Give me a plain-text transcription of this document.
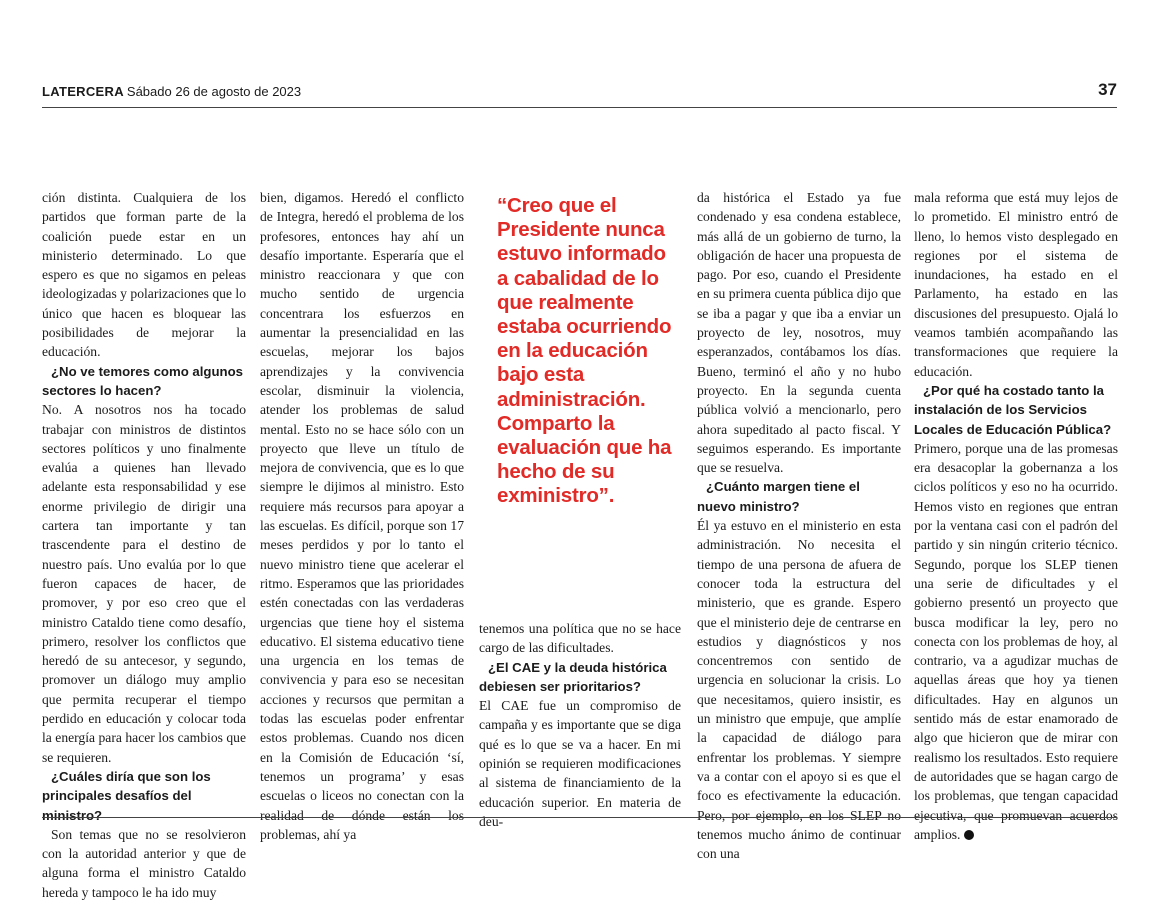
LATERCERA Sábado 26 de agosto de 2023	37

ción distinta. Cualquiera de los partidos que forman parte de la coalición puede estar en un ministerio determinado. Lo que espero es que no sigamos en peleas ideologizadas y polarizaciones que lo único que hacen es bloquear las posibilidades de mejorar la educación.

¿No ve temores como algunos sectores lo hacen?

No. A nosotros nos ha tocado trabajar con ministros de distintos sectores políticos y uno finalmente evalúa a quienes han llevado adelante esta responsabilidad y ese enorme privilegio de dirigir una cartera tan importante y tan trascendente para el destino de nuestro país. Uno evalúa por lo que fueron capaces de hacer, de promover, y por eso creo que el ministro Cataldo tiene como desafío, primero, resolver los conflictos que heredó de su antecesor, y segundo, promover un diálogo muy amplio que permita recuperar el tiempo perdido en educación y colocar toda la energía para hacer los cambios que se requieren.

¿Cuáles diría que son los principales desafíos del ministro?

Son temas que no se resolvieron con la autoridad anterior y que de alguna forma el ministro Cataldo hereda y tampoco le ha ido muy

bien, digamos. Heredó el conflicto de Integra, heredó el problema de los profesores, entonces hay ahí un desafío importante. Esperaría que el ministro reaccionara y que con mucho sentido de urgencia concentrara los esfuerzos en aumentar la presencialidad en las escuelas, mejorar los bajos aprendizajes y la convivencia escolar, disminuir la violencia, atender los problemas de salud mental. Esto no se hace sólo con un proyecto que lleve un título de mejora de convivencia, que es lo que siempre le dijimos al ministro. Esto requiere más recursos para apoyar a las escuelas. Es difícil, porque son 17 meses perdidos y por lo tanto el nuevo ministro tiene que acelerar el ritmo. Esperamos que las prioridades estén conectadas con las verdaderas urgencias que tiene hoy el sistema educativo. El sistema educativo tiene una urgencia en los temas de convivencia y para eso se necesitan acciones y recursos que permitan a todas las escuelas poder enfrentar estos problemas. Cuando nos dicen en la Comisión de Educación ‘sí, tenemos un programa’ y esas escuelas o liceos no conectan con la realidad de dónde están los problemas, ahí ya

“Creo que el Presidente nunca estuvo informado a cabalidad de lo que realmente estaba ocurriendo en la educación bajo esta administración. Comparto la evaluación que ha hecho de su exministro”.

tenemos una política que no se hace cargo de las dificultades.

¿El CAE y la deuda histórica debiesen ser prioritarios?

El CAE fue un compromiso de campaña y es importante que se diga qué es lo que se va a hacer. En mi opinión se requieren modificaciones al sistema de financiamiento de la educación superior. En materia de deu-

da histórica el Estado ya fue condenado y esa condena establece, más allá de un gobierno de turno, la obligación de hacer una propuesta de pago. Por eso, cuando el Presidente en su primera cuenta pública dijo que se iba a pagar y que iba a enviar un proyecto de ley, nosotros, muy esperanzados, contábamos los días. Bueno, terminó el año y no hubo proyecto. En la segunda cuenta pública volvió a mencionarlo, pero ahora supeditado al pacto fiscal. Y seguimos esperando. Es importante que se resuelva.

¿Cuánto margen tiene el nuevo ministro?

Él ya estuvo en el ministerio en esta administración. No necesita el tiempo de una persona de afuera de conocer toda la estructura del ministerio, que es grande. Espero que el ministerio deje de centrarse en estudios y diagnósticos y nos concentremos con sentido de urgencia en solucionar la crisis. Lo que necesitamos, quiero insistir, es un ministro que empuje, que amplíe la capacidad de diálogo para enfrentar los problemas. Y siempre va a contar con el apoyo si es que el foco es efectivamente la educación. Pero, por ejemplo, en los SLEP no tenemos mucho ánimo de continuar con una

mala reforma que está muy lejos de lo prometido. El ministro entró de lleno, lo hemos visto desplegado en regiones por el sistema de inundaciones, ha estado en el Parlamento, ha estado en las discusiones del presupuesto. Ojalá lo veamos también acompañando las transformaciones que requiere la educación.

¿Por qué ha costado tanto la instalación de los Servicios Locales de Educación Pública?

Primero, porque una de las promesas era desacoplar la gobernanza a los ciclos políticos y eso no ha ocurrido. Hemos visto en regiones que entran por la ventana casi con el padrón del partido y sin ningún criterio técnico. Segundo, porque los SLEP tienen una serie de dificultades y el gobierno presentó un proyecto que busca modificar la ley, pero no conecta con los problemas de hoy, al contrario, va a agudizar muchas de aquellas áreas que hoy ya tienen dificultades. Hay en algunos un sentido más de estar enamorado de algo que hicieron que de mirar con realismo los resultados. Esto requiere de autoridades que se hagan cargo de los problemas, que tengan capacidad ejecutiva, que promuevan acuerdos amplios.
